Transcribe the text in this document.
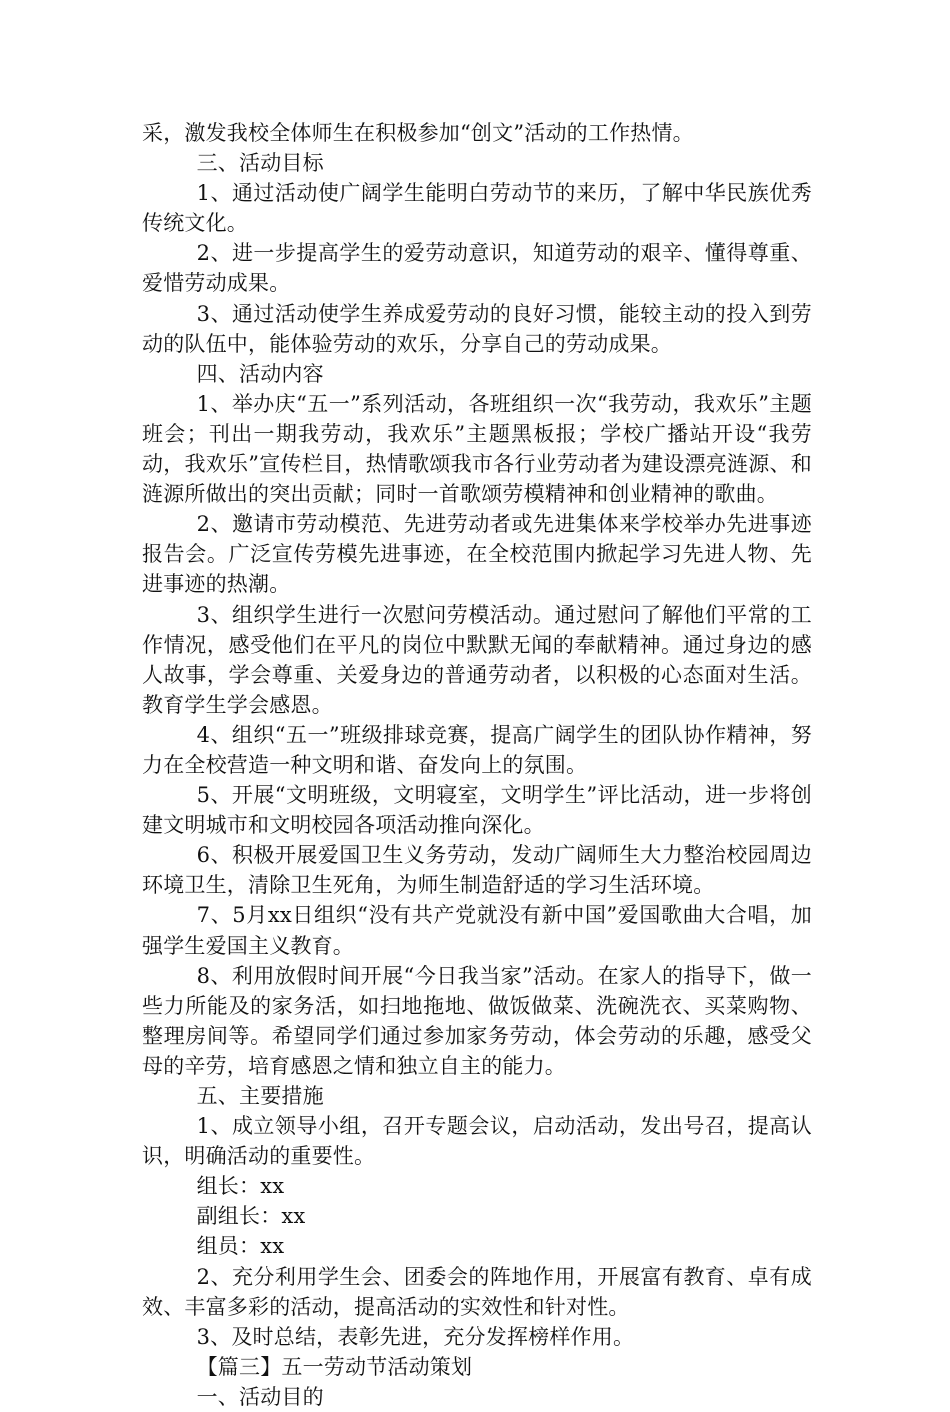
采，激发我校全体师生在积极参加“创文”活动的工作热情。

三、活动目标

1、通过活动使广阔学生能明白劳动节的来历，了解中华民族优秀传统文化。

2、进一步提高学生的爱劳动意识，知道劳动的艰辛、懂得尊重、爱惜劳动成果。

3、通过活动使学生养成爱劳动的良好习惯，能较主动的投入到劳动的队伍中，能体验劳动的欢乐，分享自己的劳动成果。

四、活动内容

1、举办庆“五一”系列活动，各班组织一次“我劳动，我欢乐”主题班会；刊出一期我劳动，我欢乐”主题黑板报；学校广播站开设“我劳动，我欢乐”宣传栏目，热情歌颂我市各行业劳动者为建设漂亮涟源、和涟源所做出的突出贡献；同时一首歌颂劳模精神和创业精神的歌曲。

2、邀请市劳动模范、先进劳动者或先进集体来学校举办先进事迹报告会。广泛宣传劳模先进事迹，在全校范围内掀起学习先进人物、先进事迹的热潮。

3、组织学生进行一次慰问劳模活动。通过慰问了解他们平常的工作情况，感受他们在平凡的岗位中默默无闻的奉献精神。通过身边的感人故事，学会尊重、关爱身边的普通劳动者，以积极的心态面对生活。教育学生学会感恩。

4、组织“五一”班级排球竞赛，提高广阔学生的团队协作精神，努力在全校营造一种文明和谐、奋发向上的氛围。

5、开展“文明班级，文明寝室，文明学生”评比活动，进一步将创建文明城市和文明校园各项活动推向深化。

6、积极开展爱国卫生义务劳动，发动广阔师生大力整治校园周边环境卫生，清除卫生死角，为师生制造舒适的学习生活环境。

7、5月xx日组织“没有共产党就没有新中国”爱国歌曲大合唱，加强学生爱国主义教育。

8、利用放假时间开展“今日我当家”活动。在家人的指导下，做一些力所能及的家务活，如扫地拖地、做饭做菜、洗碗洗衣、买菜购物、整理房间等。希望同学们通过参加家务劳动，体会劳动的乐趣，感受父母的辛劳，培育感恩之情和独立自主的能力。

五、主要措施

1、成立领导小组，召开专题会议，启动活动，发出号召，提高认识，明确活动的重要性。

组长：xx

副组长：xx

组员：xx

2、充分利用学生会、团委会的阵地作用，开展富有教育、卓有成效、丰富多彩的活动，提高活动的实效性和针对性。

3、及时总结，表彰先进，充分发挥榜样作用。

【篇三】五一劳动节活动策划

一、活动目的
